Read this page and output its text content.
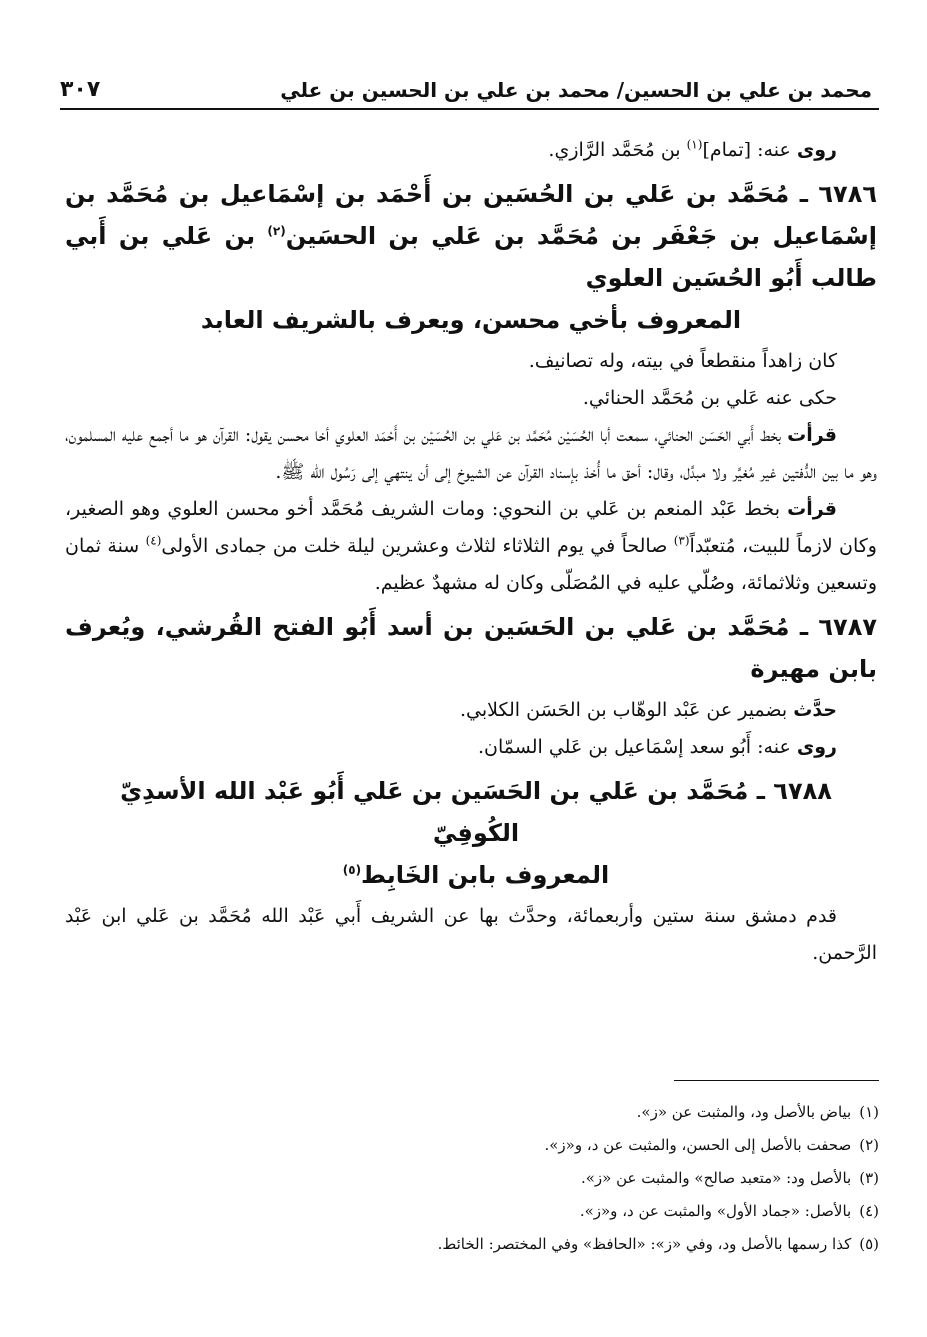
محمد بن علي بن الحسين/ محمد بن علي بن الحسين بن علي
٣٠٧

روى عنه: [تمام]$^{(١)}$ بن مُحَمَّد الرَّازي.

٦٧٨٦ ـ مُحَمَّد بن عَلي بن الحُسَين بن أَحْمَد بن إسْمَاعيل بن مُحَمَّد بن إسْمَاعيل بن جَعْفَر بن مُحَمَّد بن عَلي بن الحسَين$^{(٢)}$ بن عَلي بن أَبي طالب أَبُو الحُسَين العلوي
المعروف بأخي محسن، ويعرف بالشريف العابد

كان زاهداً منقطعاً في بيته، وله تصانيف.

حكى عنه عَلي بن مُحَمَّد الحنائي.

قرأت بخط أَبي الحَسَن الحنائي، سمعت أبا الحُسَيْن مُحَمَّد بن عَلي بن الحُسَيْن بن أَحْمَد العلوي أخا محسن يقول: القرآن هو ما أجمع عليه المسلمون، وهو ما بين الدُّفتين غير مُغيَّر ولا مبدَّل، وقال: أحق ما أُخذ بإسناد القرآن عن الشيوخ إلى أن ينتهي إلى رَسُول الله ﷺ.

قرأت بخط عَبْد المنعم بن عَلي بن النحوي: ومات الشريف مُحَمَّد أخو محسن العلوي وهو الصغير، وكان لازماً للبيت، مُتعبّداً$^{(٣)}$ صالحاً في يوم الثلاثاء لثلاث وعشرين ليلة خلت من جمادى الأولى$^{(٤)}$ سنة ثمان وتسعين وثلاثمائة، وصُلّي عليه في المُصَلّى وكان له مشهدٌ عظيم.

٦٧٨٧ ـ مُحَمَّد بن عَلي بن الحَسَين بن أسد أَبُو الفتح القُرشي، ويُعرف بابن مهيرة

حدَّث بضمير عن عَبْد الوهّاب بن الحَسَن الكلابي.

روى عنه: أَبُو سعد إسْمَاعيل بن عَلي السمّان.

٦٧٨٨ ـ مُحَمَّد بن عَلي بن الحَسَين بن عَلي أَبُو عَبْد الله الأسدِيّ الكُوفِيّ
المعروف بابن الخَابِط$^{(٥)}$

قدم دمشق سنة ستين وأربعمائة، وحدَّث بها عن الشريف أَبي عَبْد الله مُحَمَّد بن عَلي ابن عَبْد الرَّحمن.

(١)بياض بالأصل ود، والمثبت عن «ز».
(٢)صحفت بالأصل إلى الحسن، والمثبت عن د، و«ز».
(٣)بالأصل ود: «متعبد صالح» والمثبت عن «ز».
(٤)بالأصل: «جماد الأول» والمثبت عن د، و«ز».
(٥)كذا رسمها بالأصل ود، وفي «ز»: «الحافظ» وفي المختصر: الخائط.
